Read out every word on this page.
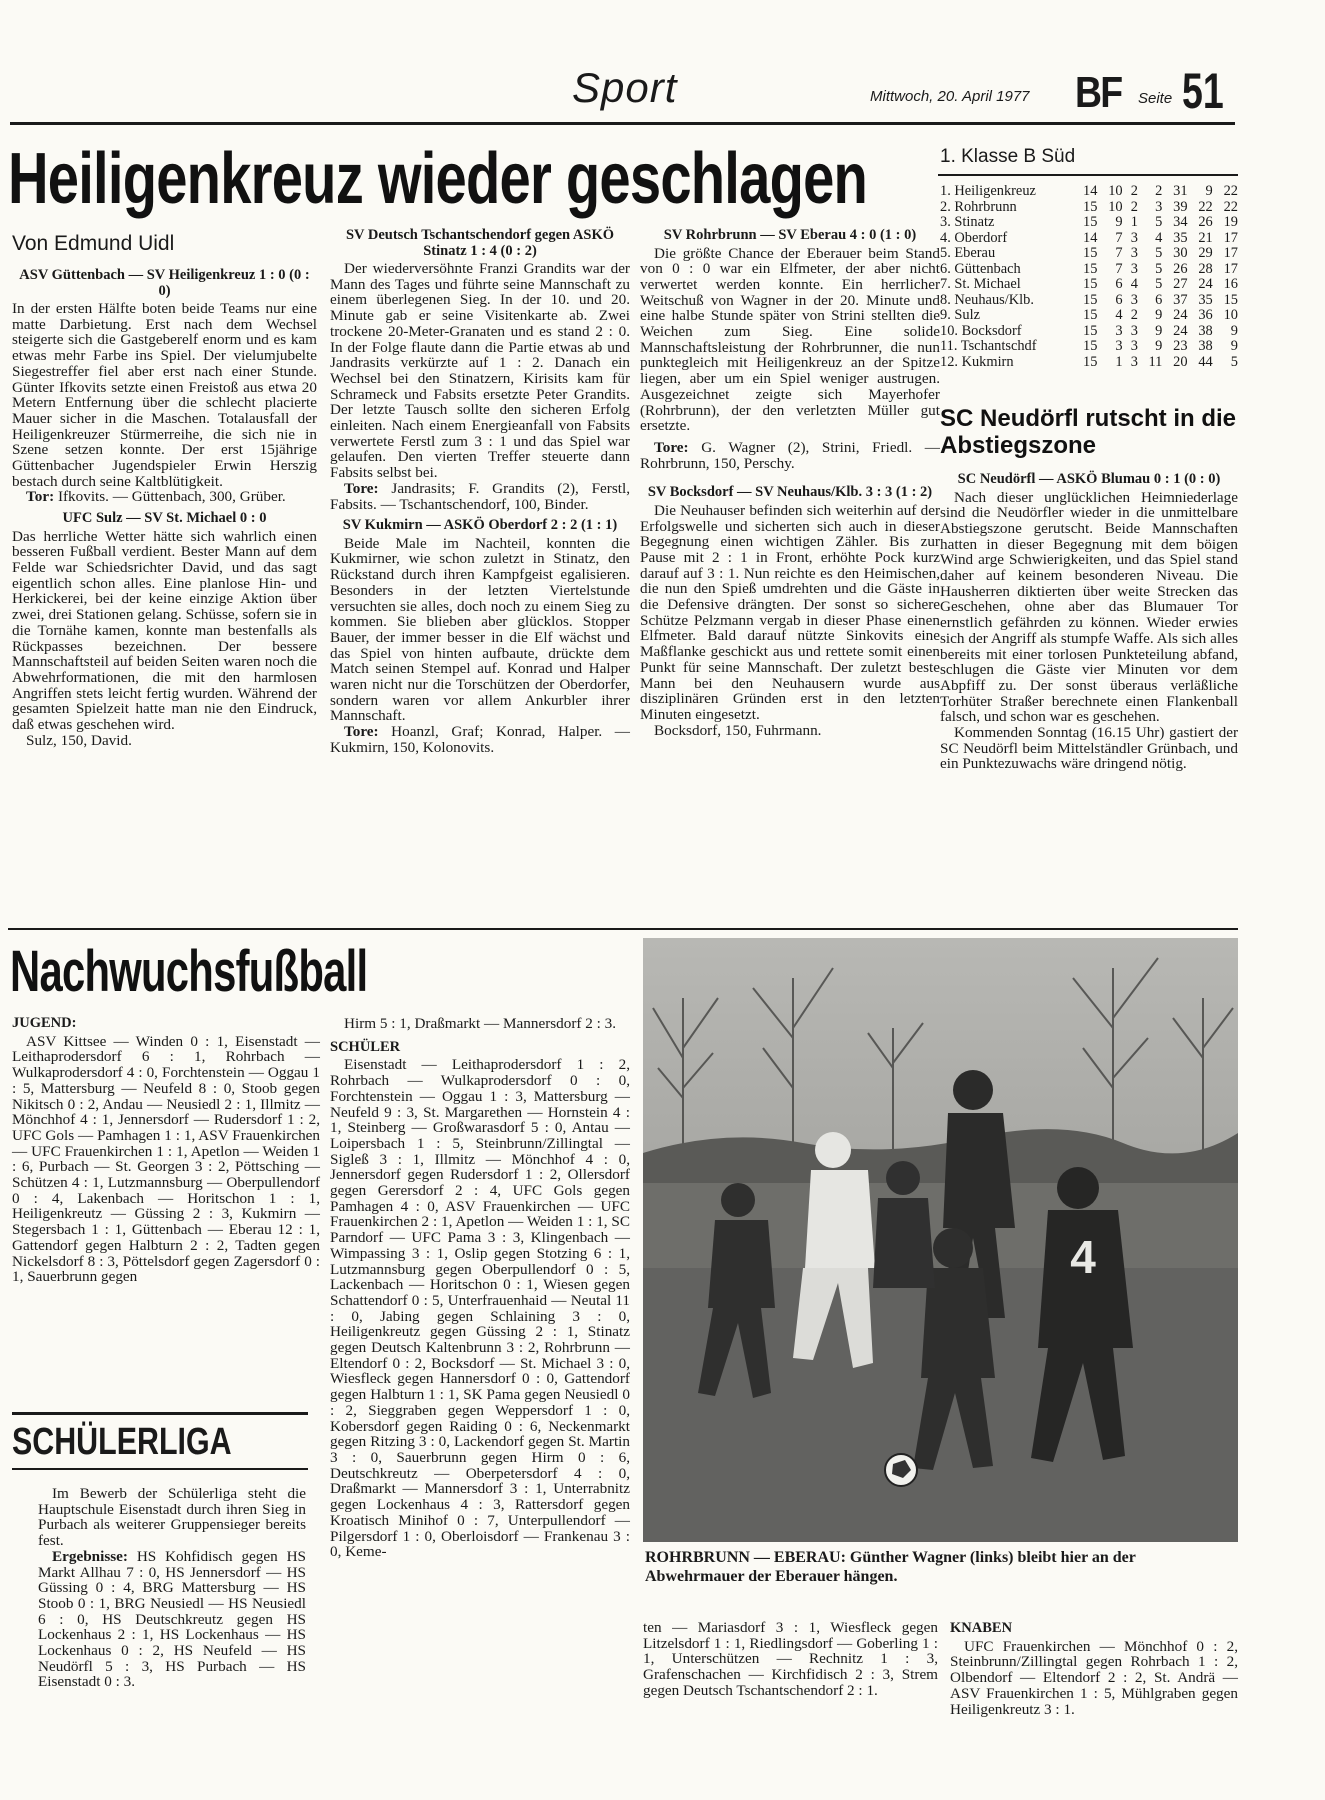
Sport	Mittwoch, 20. April 1977 BF Seite 51
Heiligenkreuz wieder geschlagen
Von Edmund Uidl
ASV Güttenbach — SV Heiligenkreuz 1 : 0 (0 : 0)

In der ersten Hälfte boten beide Teams nur eine matte Darbietung. Erst nach dem Wechsel steigerte sich die Gastgeberelf enorm und es kam etwas mehr Farbe ins Spiel. Der vielumjubelte Siegestreffer fiel aber erst nach einer Stunde. Günter Ifkovits setzte einen Freistoß aus etwa 20 Metern Entfernung über die schlecht placierte Mauer sicher in die Maschen. Totalausfall der Heiligenkreuzer Stürmerreihe, die sich nie in Szene setzen konnte. Der erst 15jährige Güttenbacher Jugendspieler Erwin Herszig bestach durch seine Kaltblütigkeit.

Tor: Ifkovits. — Güttenbach, 300, Grüber.

UFC Sulz — SV St. Michael 0 : 0

Das herrliche Wetter hätte sich wahrlich einen besseren Fußball verdient. Bester Mann auf dem Felde war Schiedsrichter David, und das sagt eigentlich schon alles. Eine planlose Hin- und Herkickerei, bei der keine einzige Aktion über zwei, drei Stationen gelang. Schüsse, sofern sie in die Tornähe kamen, konnte man bestenfalls als Rückpasses bezeichnen. Der bessere Mannschaftsteil auf beiden Seiten waren noch die Abwehrformationen, die mit den harmlosen Angriffen stets leicht fertig wurden. Während der gesamten Spielzeit hatte man nie den Eindruck, daß etwas geschehen wird.

Sulz, 150, David.

SV Deutsch Tschantschendorf gegen ASKÖ Stinatz 1 : 4 (0 : 2)

Der wiederversöhnte Franzi Grandits war der Mann des Tages und führte seine Mannschaft zu einem überlegenen Sieg. In der 10. und 20. Minute gab er seine Visitenkarte ab. Zwei trockene 20-Meter-Granaten und es stand 2 : 0. In der Folge flaute dann die Partie etwas ab und Jandrasits verkürzte auf 1 : 2. Danach ein Wechsel bei den Stinatzern, Kirisits kam für Schrameck und Fabsits ersetzte Peter Grandits. Der letzte Tausch sollte den sicheren Erfolg einleiten. Nach einem Energieanfall von Fabsits verwertete Ferstl zum 3 : 1 und das Spiel war gelaufen. Den vierten Treffer steuerte dann Fabsits selbst bei.

Tore: Jandrasits; F. Grandits (2), Ferstl, Fabsits. — Tschantschendorf, 100, Binder.

SV Kukmirn — ASKÖ Oberdorf 2 : 2 (1 : 1)

Beide Male im Nachteil, konnten die Kukmirner, wie schon zuletzt in Stinatz, den Rückstand durch ihren Kampfgeist egalisieren. Besonders in der letzten Viertelstunde versuchten sie alles, doch noch zu einem Sieg zu kommen. Sie blieben aber glücklos. Stopper Bauer, der immer besser in die Elf wächst und das Spiel von hinten aufbaute, drückte dem Match seinen Stempel auf. Konrad und Halper waren nicht nur die Torschützen der Oberdorfer, sondern waren vor allem Ankurbler ihrer Mannschaft.

Tore: Hoanzl, Graf; Konrad, Halper. — Kukmirn, 150, Kolonovits.

SV Rohrbrunn — SV Eberau 4 : 0 (1 : 0)

Die größte Chance der Eberauer beim Stand von 0 : 0 war ein Elfmeter, der aber nicht verwertet werden konnte. Ein herrlicher Weitschuß von Wagner in der 20. Minute und eine halbe Stunde später von Strini stellten die Weichen zum Sieg. Eine solide Mannschaftsleistung der Rohrbrunner, die nun punktegleich mit Heiligenkreuz an der Spitze liegen, aber um ein Spiel weniger austrugen. Ausgezeichnet zeigte sich Mayerhofer (Rohrbrunn), der den verletzten Müller gut ersetzte.

Tore: G. Wagner (2), Strini, Friedl. — Rohrbrunn, 150, Perschy.

SV Bocksdorf — SV Neuhaus/Klb. 3 : 3 (1 : 2)

Die Neuhauser befinden sich weiterhin auf der Erfolgswelle und sicherten sich auch in dieser Begegnung einen wichtigen Zähler. Bis zur Pause mit 2 : 1 in Front, erhöhte Pock kurz darauf auf 3 : 1. Nun reichte es den Heimischen, die nun den Spieß umdrehten und die Gäste in die Defensive drängten. Der sonst so sichere Schütze Pelzmann vergab in dieser Phase einen Elfmeter. Bald darauf nützte Sinkovits eine Maßflanke geschickt aus und rettete somit einen Punkt für seine Mannschaft. Der zuletzt beste Mann bei den Neuhausern wurde aus disziplinären Gründen erst in den letzten Minuten eingesetzt.

Bocksdorf, 150, Fuhrmann.

1. Klasse B Süd
1. Heiligenkreuz	14	10	2	2	31	9	22
2. Rohrbrunn	15	10	2	3	39	22	22
3. Stinatz	15	9	1	5	34	26	19
4. Oberdorf	14	7	3	4	35	21	17
5. Eberau	15	7	3	5	30	29	17
6. Güttenbach	15	7	3	5	26	28	17
7. St. Michael	15	6	4	5	27	24	16
8. Neuhaus/Klb.	15	6	3	6	37	35	15
9. Sulz	15	4	2	9	24	36	10
10. Bocksdorf	15	3	3	9	24	38	9
11. Tschantschdf	15	3	3	9	23	38	9
12. Kukmirn	15	1	3	11	20	44	5
SC Neudörfl rutscht in die Abstiegszone
SC Neudörfl — ASKÖ Blumau 0 : 1 (0 : 0)

Nach dieser unglücklichen Heimniederlage sind die Neudörfler wieder in die unmittelbare Abstiegszone gerutscht. Beide Mannschaften hatten in dieser Begegnung mit dem böigen Wind arge Schwierigkeiten, und das Spiel stand daher auf keinem besonderen Niveau. Die Hausherren diktierten über weite Strecken das Geschehen, ohne aber das Blumauer Tor ernstlich gefährden zu können. Wieder erwies sich der Angriff als stumpfe Waffe. Als sich alles bereits mit einer torlosen Punkteteilung abfand, schlugen die Gäste vier Minuten vor dem Abpfiff zu. Der sonst überaus verläßliche Torhüter Straßer berechnete einen Flankenball falsch, und schon war es geschehen.

Kommenden Sonntag (16.15 Uhr) gastiert der SC Neudörfl beim Mittelständler Grünbach, und ein Punktezuwachs wäre dringend nötig.

Nachwuchsfußball
JUGEND:

ASV Kittsee — Winden 0 : 1, Eisenstadt — Leithaprodersdorf 6 : 1, Rohrbach — Wulkaprodersdorf 4 : 0, Forchtenstein — Oggau 1 : 5, Mattersburg — Neufeld 8 : 0, Stoob gegen Nikitsch 0 : 2, Andau — Neusiedl 2 : 1, Illmitz — Mönchhof 4 : 1, Jennersdorf — Rudersdorf 1 : 2, UFC Gols — Pamhagen 1 : 1, ASV Frauenkirchen — UFC Frauenkirchen 1 : 1, Apetlon — Weiden 1 : 6, Purbach — St. Georgen 3 : 2, Pöttsching — Schützen 4 : 1, Lutzmannsburg — Oberpullendorf 0 : 4, Lakenbach — Horitschon 1 : 1, Heiligenkreutz — Güssing 2 : 3, Kukmirn — Stegersbach 1 : 1, Güttenbach — Eberau 12 : 1, Gattendorf gegen Halbturn 2 : 2, Tadten gegen Nickelsdorf 8 : 3, Pöttelsdorf gegen Zagersdorf 0 : 1, Sauerbrunn gegen

Hirm 5 : 1, Draßmarkt — Mannersdorf 2 : 3.

SCHÜLER

Eisenstadt — Leithaprodersdorf 1 : 2, Rohrbach — Wulkaprodersdorf 0 : 0, Forchtenstein — Oggau 1 : 3, Mattersburg — Neufeld 9 : 3, St. Margarethen — Hornstein 4 : 1, Steinberg — Großwarasdorf 5 : 0, Antau — Loipersbach 1 : 5, Steinbrunn/Zillingtal — Sigleß 3 : 1, Illmitz — Mönchhof 4 : 0, Jennersdorf gegen Rudersdorf 1 : 2, Ollersdorf gegen Gerersdorf 2 : 4, UFC Gols gegen Pamhagen 4 : 0, ASV Frauenkirchen — UFC Frauenkirchen 2 : 1, Apetlon — Weiden 1 : 1, SC Parndorf — UFC Pama 3 : 3, Klingenbach — Wimpassing 3 : 1, Oslip gegen Stotzing 6 : 1, Lutzmannsburg gegen Oberpullendorf 0 : 5, Lackenbach — Horitschon 0 : 1, Wiesen gegen Schattendorf 0 : 5, Unterfrauenhaid — Neutal 11 : 0, Jabing gegen Schlaining 3 : 0, Heiligenkreutz gegen Güssing 2 : 1, Stinatz gegen Deutsch Kaltenbrunn 3 : 2, Rohrbrunn — Eltendorf 0 : 2, Bocksdorf — St. Michael 3 : 0, Wiesfleck gegen Hannersdorf 0 : 0, Gattendorf gegen Halbturn 1 : 1, SK Pama gegen Neusiedl 0 : 2, Sieggraben gegen Weppersdorf 1 : 0, Kobersdorf gegen Raiding 0 : 6, Neckenmarkt gegen Ritzing 3 : 0, Lackendorf gegen St. Martin 3 : 0, Sauerbrunn gegen Hirm 0 : 6, Deutschkreutz — Oberpetersdorf 4 : 0, Draßmarkt — Mannersdorf 3 : 1, Unterrabnitz gegen Lockenhaus 4 : 3, Rattersdorf gegen Kroatisch Minihof 0 : 7, Unterpullendorf — Pilgersdorf 1 : 0, Oberloisdorf — Frankenau 3 : 0, Keme-

SCHÜLERLIGA

Im Bewerb der Schülerliga steht die Hauptschule Eisenstadt durch ihren Sieg in Purbach als weiterer Gruppensieger bereits fest.

Ergebnisse: HS Kohfidisch gegen HS Markt Allhau 7 : 0, HS Jennersdorf — HS Güssing 0 : 4, BRG Mattersburg — HS Stoob 0 : 1, BRG Neusiedl — HS Neusiedl 6 : 0, HS Deutschkreutz gegen HS Lockenhaus 2 : 1, HS Lockenhaus — HS Lockenhaus 0 : 2, HS Neufeld — HS Neudörfl 5 : 3, HS Purbach — HS Eisenstadt 0 : 3.

4
ROHRBRUNN — EBERAU: Günther Wagner (links) bleibt hier an der Abwehrmauer der Eberauer hängen.

ten — Mariasdorf 3 : 1, Wiesfleck gegen Litzelsdorf 1 : 1, Riedlingsdorf — Goberling 1 : 1, Unterschützen — Rechnitz 1 : 3, Grafenschachen — Kirchfidisch 2 : 3, Strem gegen Deutsch Tschantschendorf 2 : 1.

KNABEN

UFC Frauenkirchen — Mönchhof 0 : 2, Steinbrunn/Zillingtal gegen Rohrbach 1 : 2, Olbendorf — Eltendorf 2 : 2, St. Andrä — ASV Frauenkirchen 1 : 5, Mühlgraben gegen Heiligenkreutz 3 : 1.
